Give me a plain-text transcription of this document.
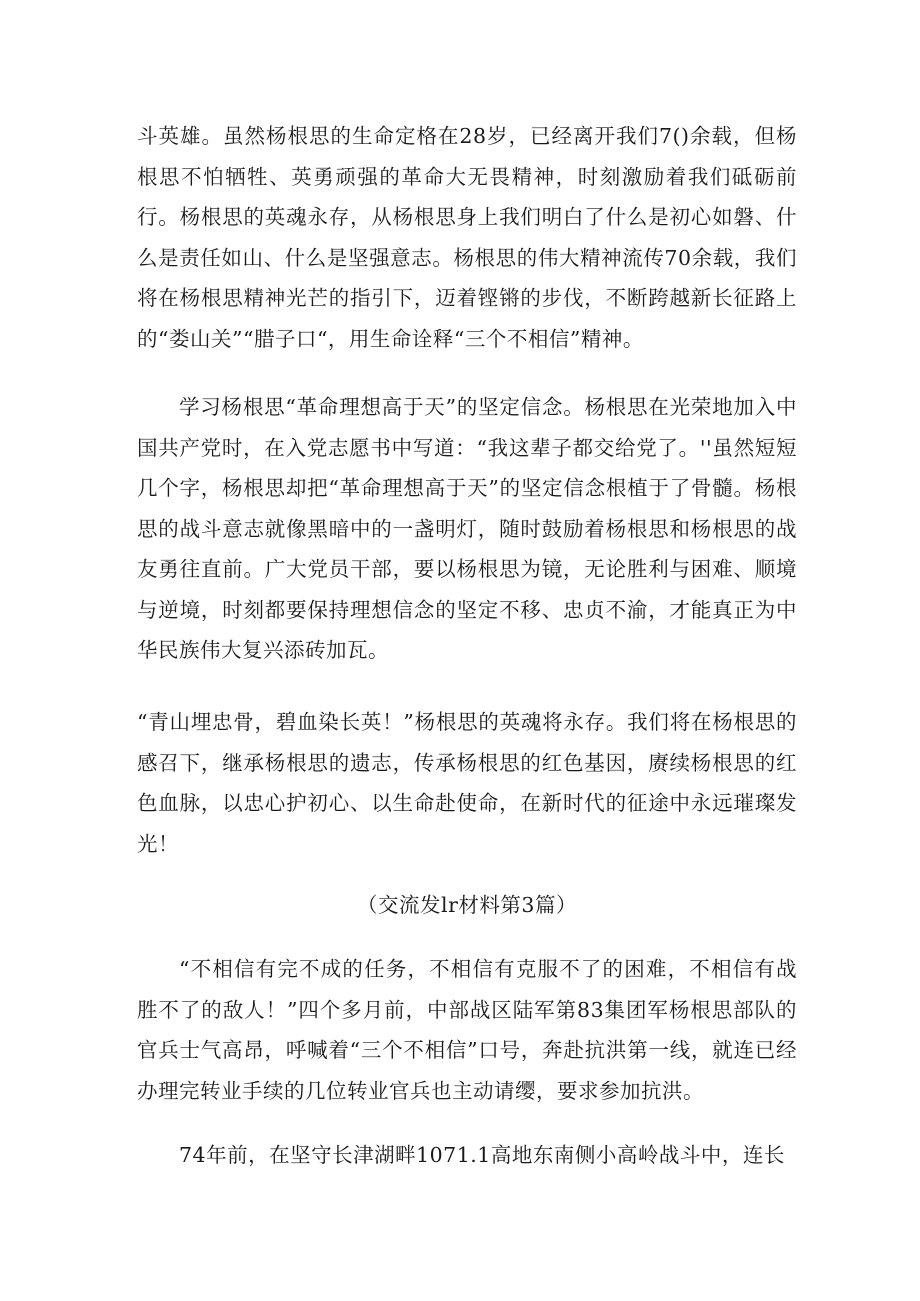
斗英雄。虽然杨根思的生命定格在28岁，已经离开我们7()余载，但杨根思不怕牺牲、英勇顽强的革命大无畏精神，时刻激励着我们砥砺前行。杨根思的英魂永存，从杨根思身上我们明白了什么是初心如磐、什么是责任如山、什么是坚强意志。杨根思的伟大精神流传70余载，我们将在杨根思精神光芒的指引下，迈着铿锵的步伐，不断跨越新长征路上的“娄山关”“腊子口“，用生命诠释“三个不相信”精神。

学习杨根思“革命理想高于天”的坚定信念。杨根思在光荣地加入中国共产党时，在入党志愿书中写道：“我这辈子都交给党了。''虽然短短几个字，杨根思却把“革命理想高于天”的坚定信念根植于了骨髓。杨根思的战斗意志就像黑暗中的一盏明灯，随时鼓励着杨根思和杨根思的战友勇往直前。广大党员干部，要以杨根思为镜，无论胜利与困难、顺境与逆境，时刻都要保持理想信念的坚定不移、忠贞不渝，才能真正为中华民族伟大复兴添砖加瓦。

“青山埋忠骨，碧血染长英！”杨根思的英魂将永存。我们将在杨根思的感召下，继承杨根思的遗志，传承杨根思的红色基因，赓续杨根思的红色血脉，以忠心护初心、以生命赴使命，在新时代的征途中永远璀璨发光！

（交流发lr材料第3篇）

“不相信有完不成的任务，不相信有克服不了的困难，不相信有战胜不了的敌人！”四个多月前，中部战区陆军第83集团军杨根思部队的官兵士气高昂，呼喊着“三个不相信”口号，奔赴抗洪第一线，就连已经办理完转业手续的几位转业官兵也主动请缨，要求参加抗洪。

74年前，在坚守长津湖畔1071.1高地东南侧小高岭战斗中，连长
